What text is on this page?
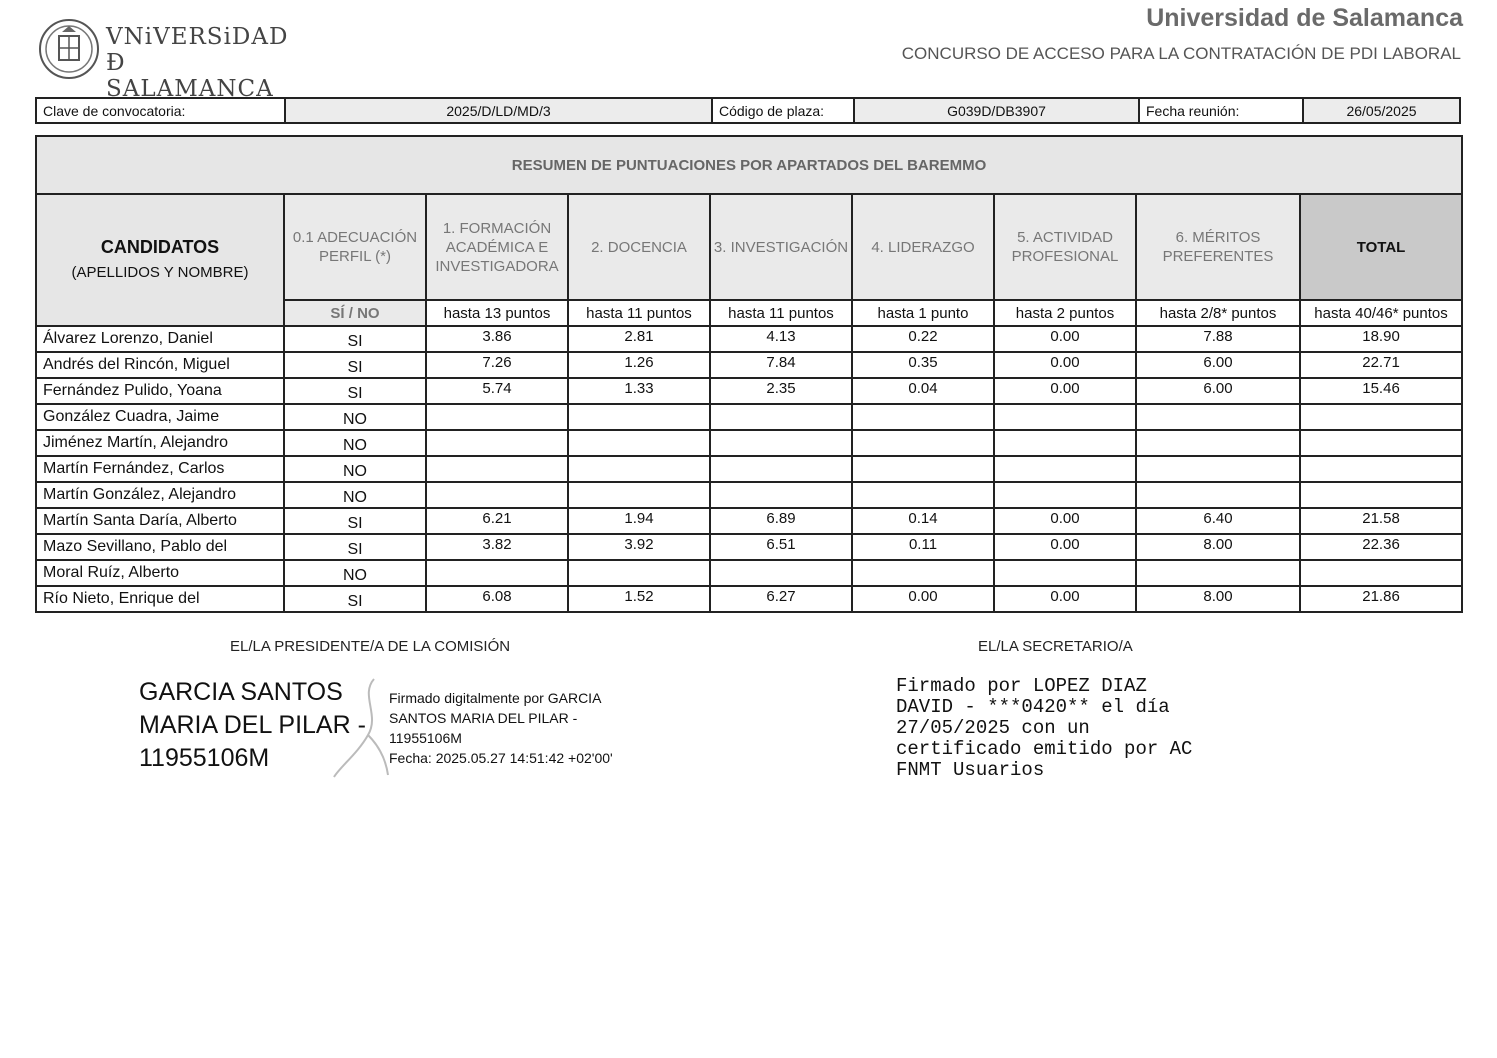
VNiVERSiDAD
Đ SALAMANCA
Universidad de Salamanca
CONCURSO DE ACCESO PARA LA CONTRATACIÓN DE PDI LABORAL
Clave de convocatoria:	2025/D/LD/MD/3	Código de plaza:	G039D/DB3907	Fecha reunión:	26/05/2025
RESUMEN DE PUNTUACIONES POR APARTADOS DEL BAREMMO								
CANDIDATOS
(APELLIDOS Y NOMBRE)	0.1 ADECUACIÓN PERFIL (*)	1. FORMACIÓN ACADÉMICA E INVESTIGADORA	2. DOCENCIA	3. INVESTIGACIÓN	4. LIDERAZGO	5. ACTIVIDAD PROFESIONAL	6. MÉRITOS PREFERENTES	TOTAL
	SÍ / NO	hasta 13 puntos	hasta 11 puntos	hasta 11 puntos	hasta 1 punto	hasta 2 puntos	hasta 2/8* puntos	hasta 40/46* puntos
Álvarez Lorenzo, Daniel	SI	3.86	2.81	4.13	0.22	0.00	7.88	18.90
Andrés del Rincón, Miguel	SI	7.26	1.26	7.84	0.35	0.00	6.00	22.71
Fernández Pulido, Yoana	SI	5.74	1.33	2.35	0.04	0.00	6.00	15.46
González Cuadra, Jaime	NO							
Jiménez Martín, Alejandro	NO							
Martín Fernández, Carlos	NO							
Martín González, Alejandro	NO							
Martín Santa Daría, Alberto	SI	6.21	1.94	6.89	0.14	0.00	6.40	21.58
Mazo Sevillano, Pablo del	SI	3.82	3.92	6.51	0.11	0.00	8.00	22.36
Moral Ruíz, Alberto	NO							
Río Nieto, Enrique del	SI	6.08	1.52	6.27	0.00	0.00	8.00	21.86
EL/LA PRESIDENTE/A DE LA COMISIÓN	EL/LA SECRETARIO/A
GARCIA SANTOS
MARIA DEL PILAR -
11955106M
Firmado digitalmente por GARCIA
SANTOS MARIA DEL PILAR -
11955106M
Fecha: 2025.05.27 14:51:42 +02'00'
Firmado por LOPEZ DIAZ
DAVID - ***0420** el día
27/05/2025 con un
certificado emitido por AC
FNMT Usuarios
